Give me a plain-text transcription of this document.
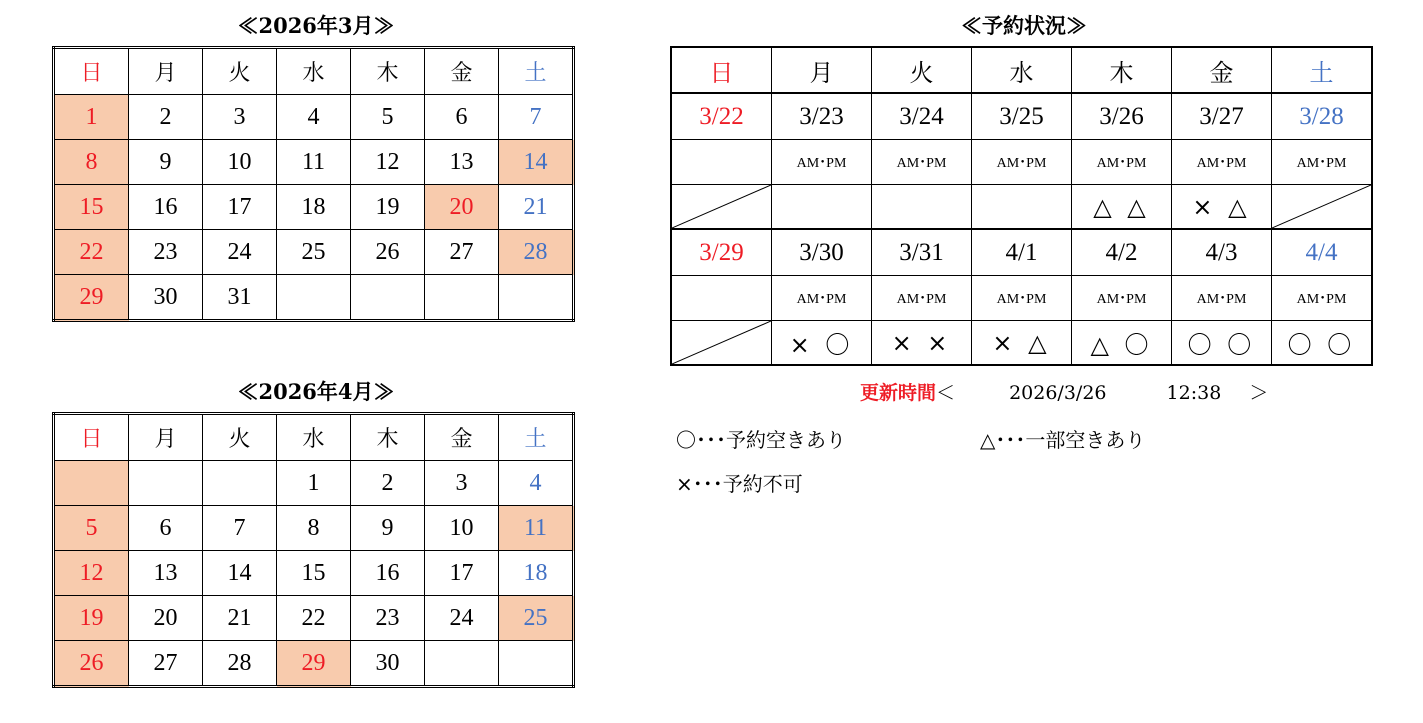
≪2026年3月≫
日	月	火	水	木	金	土
1	2	3	4	5	6	7
8	9	10	11	12	13	14
15	16	17	18	19	20	21
22	23	24	25	26	27	28
29	30	31				
≪2026年4月≫
日	月	火	水	木	金	土
			1	2	3	4
5	6	7	8	9	10	11
12	13	14	15	16	17	18
19	20	21	22	23	24	25
26	27	28	29	30		
≪予約状況≫
日	月	火	水	木	金	土
3/22	3/23	3/24	3/25	3/26	3/27	3/28
	AM･PM	AM･PM	AM･PM	AM･PM	AM･PM	AM･PM

				△ △	× △	

3/29	3/30	3/31	4/1	4/2	4/3	4/4
	AM･PM	AM･PM	AM･PM	AM･PM	AM･PM	AM･PM

	× 〇	× ×	× △	△ 〇	〇 〇	〇 〇
更新時間＜	2026/3/26	12:38 ＞
〇･･･予約空きあり	△･･･一部空きあり
×･･･予約不可
